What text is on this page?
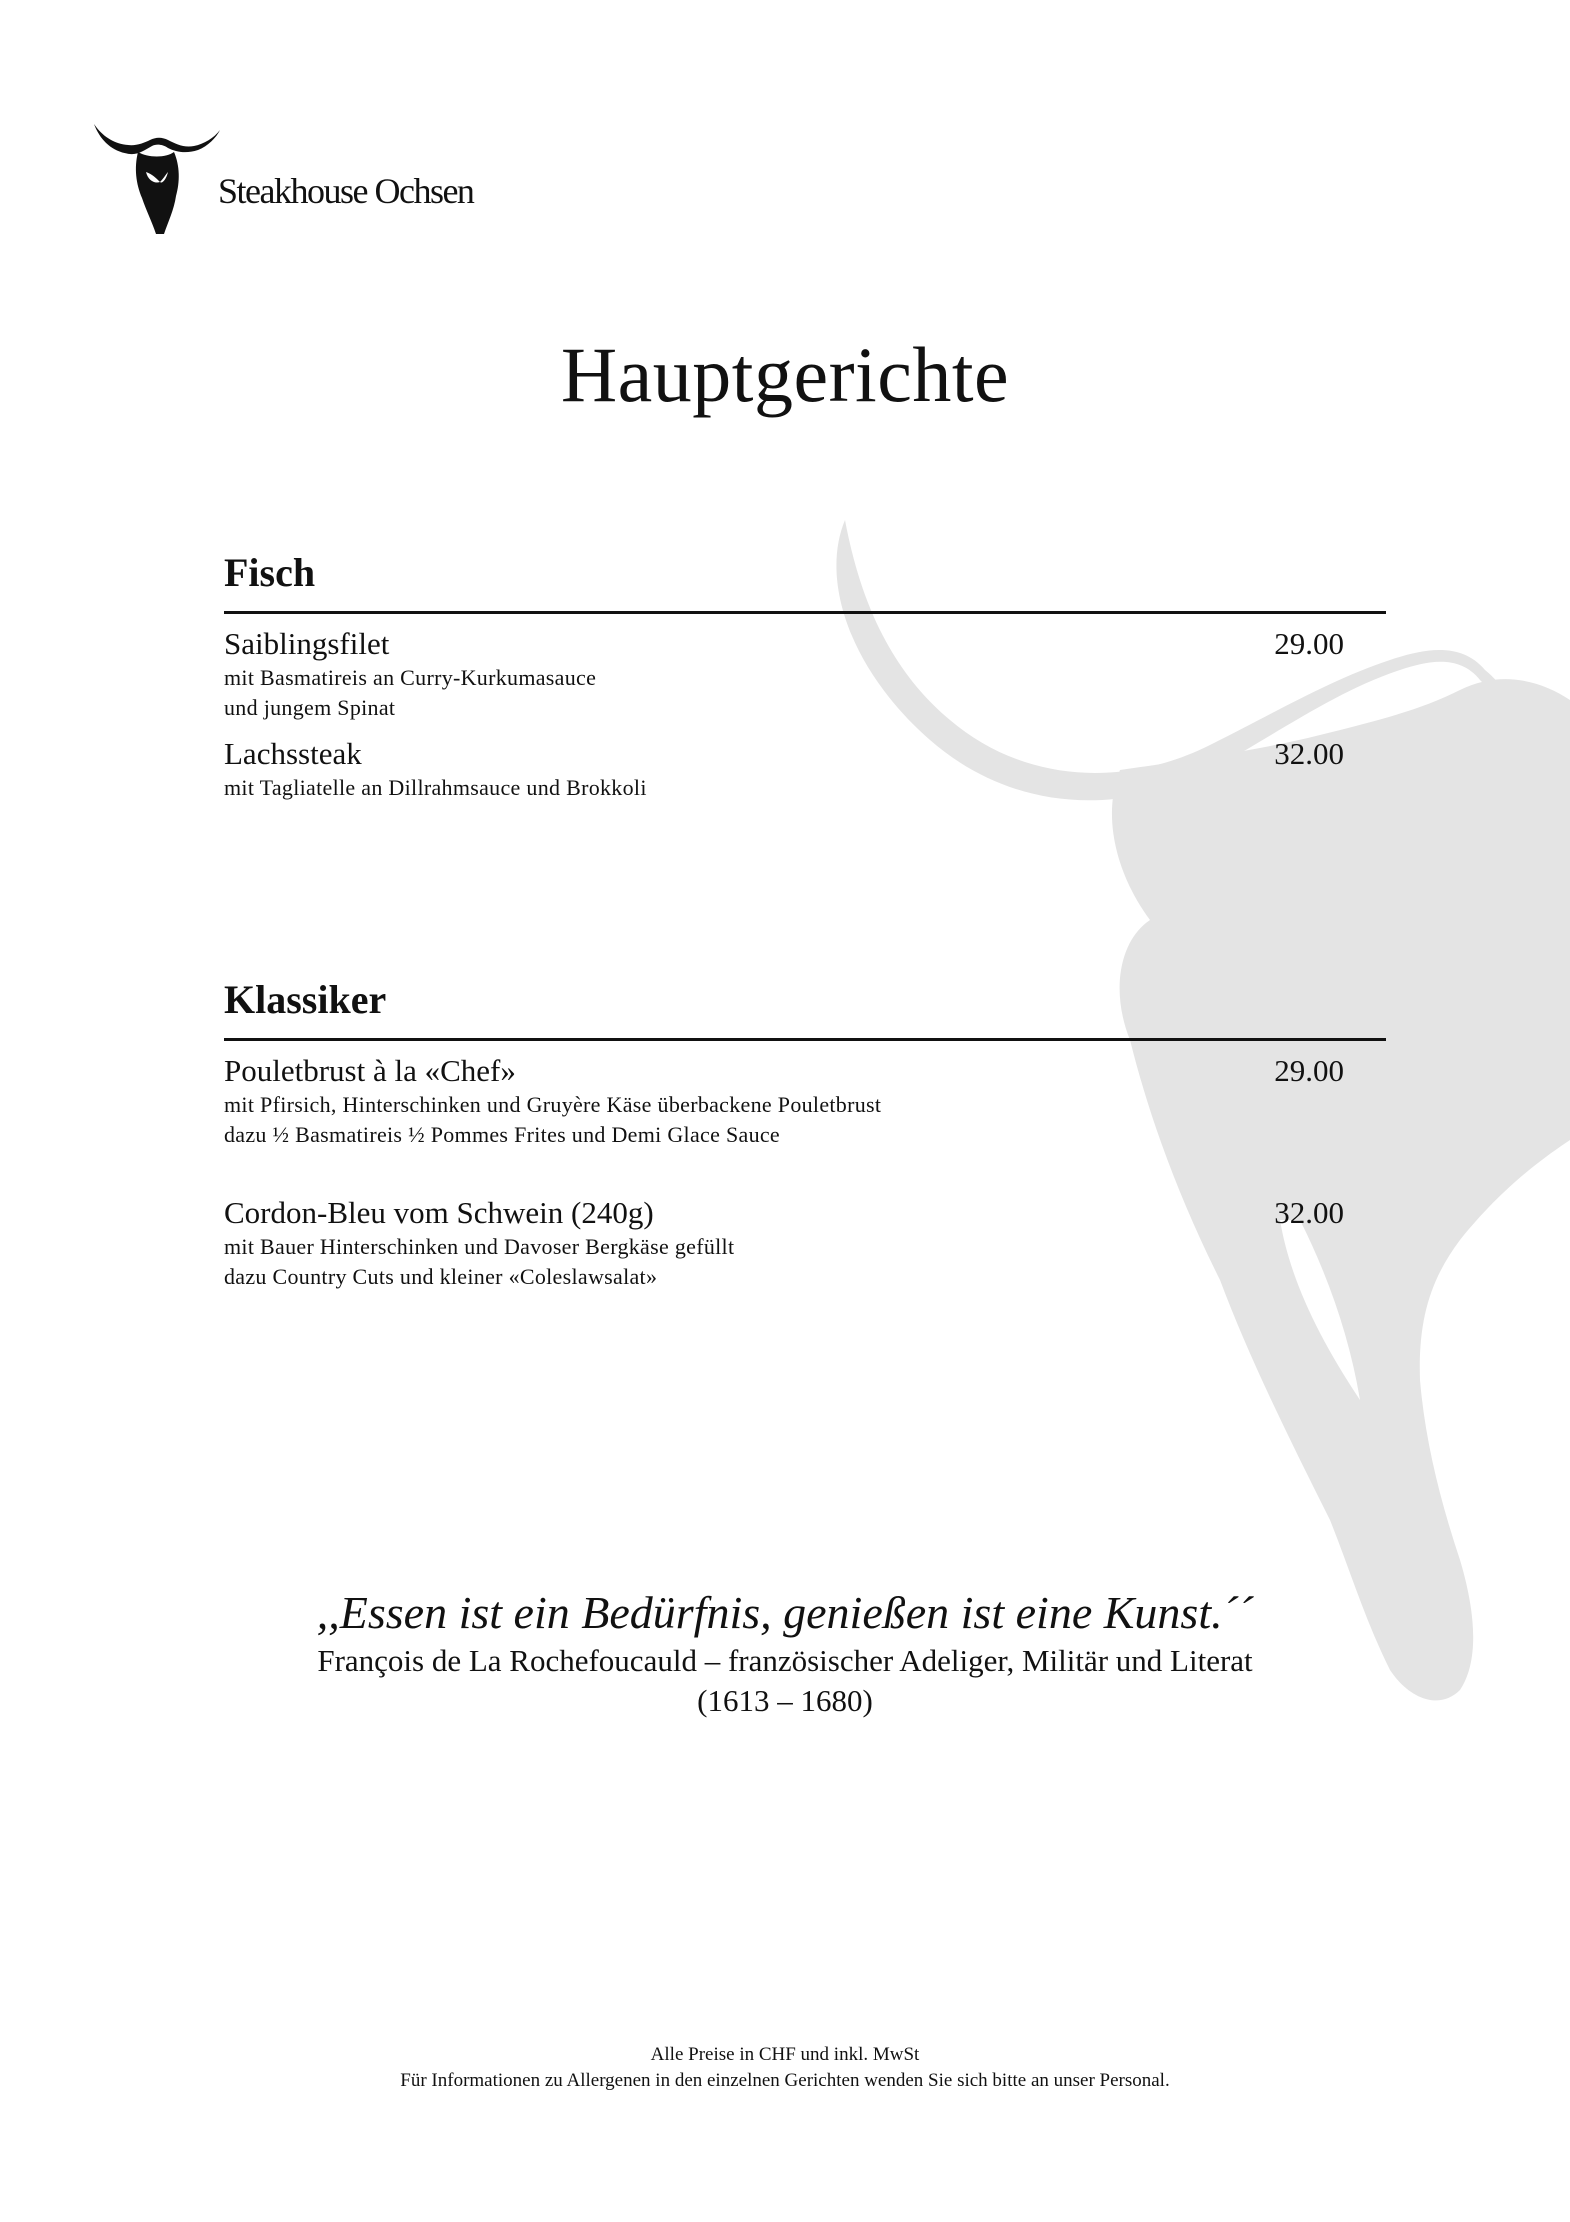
Steakhouse Ochsen
Hauptgerichte
Fisch
Saiblingsfilet
mit Basmatireis an Curry-Kurkumasauce
und jungem Spinat
29.00
Lachssteak
mit Tagliatelle an Dillrahmsauce und Brokkoli
32.00
Klassiker
Pouletbrust à la «Chef»
mit Pfirsich, Hinterschinken und Gruyère Käse überbackene Pouletbrust
dazu ½ Basmatireis ½ Pommes Frites und Demi Glace Sauce
29.00
Cordon-Bleu vom Schwein (240g)
mit Bauer Hinterschinken und Davoser Bergkäse gefüllt
dazu Country Cuts und kleiner «Coleslawsalat»
32.00
,,Essen ist ein Bedürfnis, genießen ist eine Kunst.´´
François de La Rochefoucauld – französischer Adeliger, Militär und Literat
(1613 – 1680)
Alle Preise in CHF und inkl. MwSt
Für Informationen zu Allergenen in den einzelnen Gerichten wenden Sie sich bitte an unser Personal.
